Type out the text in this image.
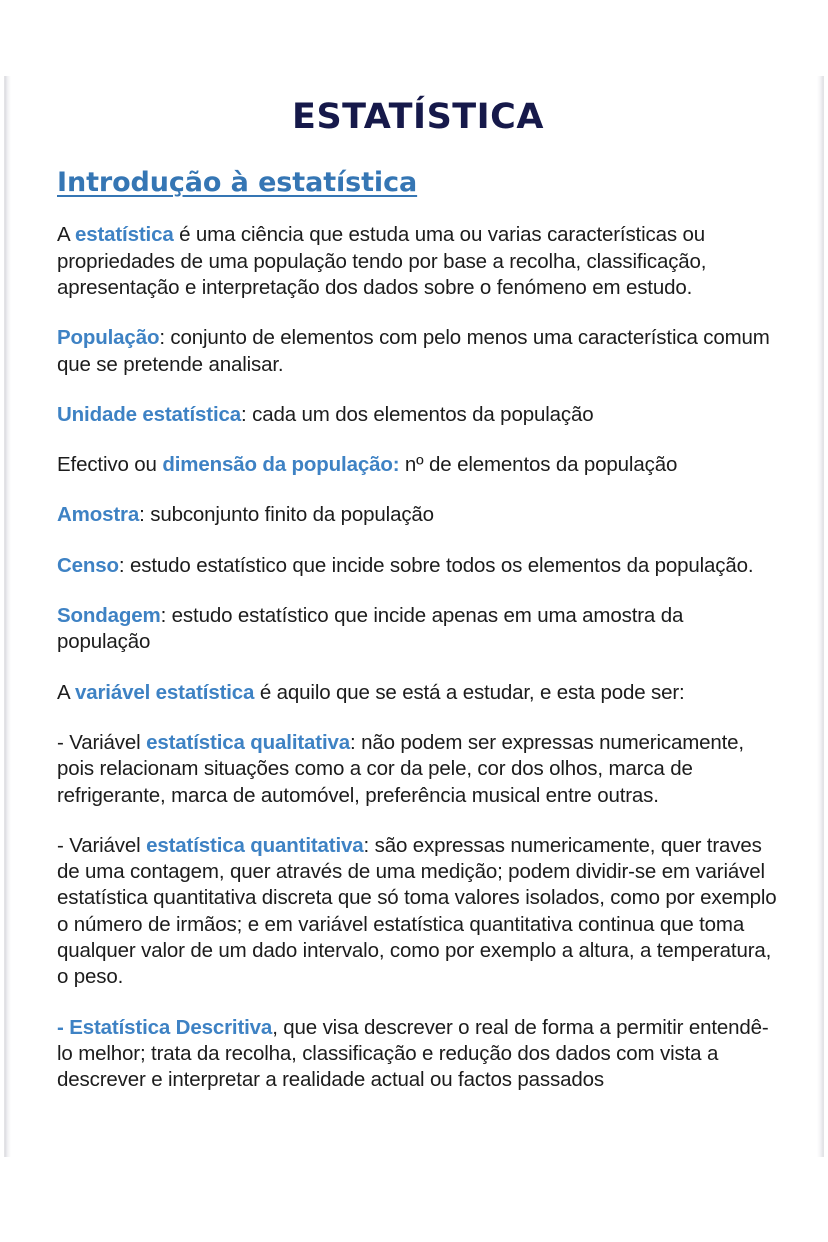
ESTATÍSTICA
Introdução à estatística

A estatística é uma ciência que estuda uma ou varias características ou propriedades de uma população tendo por base a recolha, classificação, apresentação e interpretação dos dados sobre o fenómeno em estudo.

População: conjunto de elementos com pelo menos uma característica comum que se pretende analisar.

Unidade estatística: cada um dos elementos da população

Efectivo ou dimensão da população: nº de elementos da população

Amostra: subconjunto finito da população

Censo: estudo estatístico que incide sobre todos os elementos da população.

Sondagem: estudo estatístico que incide apenas em uma amostra da população

A variável estatística é aquilo que se está a estudar, e esta pode ser:

- Variável estatística qualitativa: não podem ser expressas numericamente, pois relacionam situações como a cor da pele, cor dos olhos, marca de refrigerante, marca de automóvel, preferência musical entre outras.

- Variável estatística quantitativa: são expressas numericamente, quer traves de uma contagem, quer através de uma medição; podem dividir-se em variável estatística quantitativa discreta que só toma valores isolados, como por exemplo o número de irmãos; e em variável estatística quantitativa continua que toma qualquer valor de um dado intervalo, como por exemplo a altura, a temperatura, o peso.

- Estatística Descritiva, que visa descrever o real de forma a permitir entendê-lo melhor; trata da recolha, classificação e redução dos dados com vista a descrever e interpretar a realidade actual ou factos passados
